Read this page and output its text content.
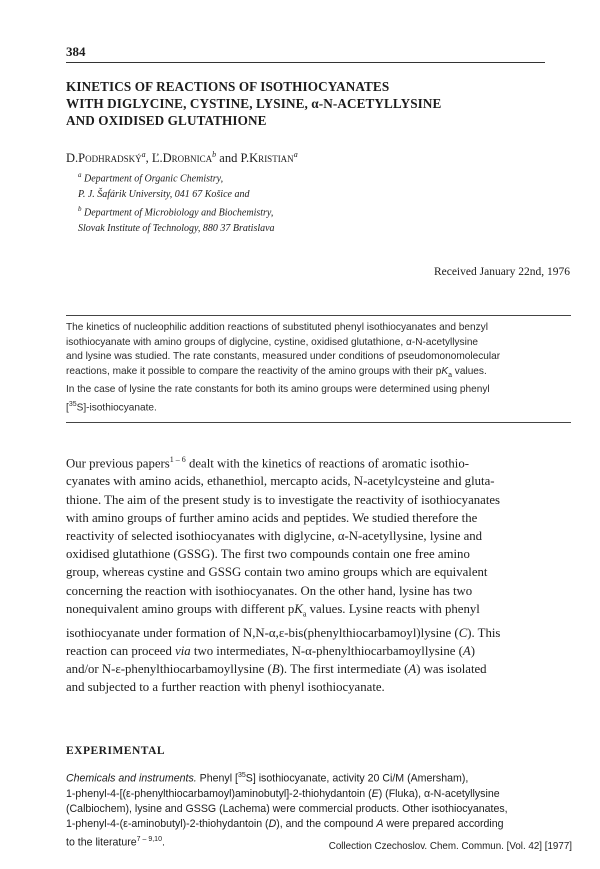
384
KINETICS OF REACTIONS OF ISOTHIOCYANATES
WITH DIGLYCINE, CYSTINE, LYSINE, α-N-ACETYLLYSINE
AND OXIDISED GLUTATHIONE
D.Podhradský$^a$, Ľ.Drobnica$^b$ and P.Kristian$^a$
$^a$ Department of Organic Chemistry,
P. J. Šafárik University, 041 67 Košice and
$^b$ Department of Microbiology and Biochemistry,
Slovak Institute of Technology, 880 37 Bratislava
Received January 22nd, 1976
The kinetics of nucleophilic addition reactions of substituted phenyl isothiocyanates and benzyl
isothiocyanate with amino groups of diglycine, cystine, oxidised glutathione, α-N-acetyllysine
and lysine was studied. The rate constants, measured under conditions of pseudomonomolecular
reactions, make it possible to compare the reactivity of the amino groups with their $pK_a$ values.
In the case of lysine the rate constants for both its amino groups were determined using phenyl
[$^{35}$S]-isothiocyanate.
Our previous papers$^{1 - 6}$ dealt with the kinetics of reactions of aromatic isothio-
cyanates with amino acids, ethanethiol, mercapto acids, N-acetylcysteine and gluta-
thione. The aim of the present study is to investigate the reactivity of isothiocyanates
with amino groups of further amino acids and peptides. We studied therefore the
reactivity of selected isothiocyanates with diglycine, α-N-acetyllysine, lysine and
oxidised glutathione (GSSG). The first two compounds contain one free amino
group, whereas cystine and GSSG contain two amino groups which are equivalent
concerning the reaction with isothiocyanates. On the other hand, lysine has two
nonequivalent amino groups with different $pK_a$ values. Lysine reacts with phenyl
isothiocyanate under formation of N,N-α,ε-bis(phenylthiocarbamoyl)lysine (C). This
reaction can proceed via two intermediates, N-α-phenylthiocarbamoyllysine (A)
and/or N-ε-phenylthiocarbamoyllysine (B). The first intermediate (A) was isolated
and subjected to a further reaction with phenyl isothiocyanate.
EXPERIMENTAL
Chemicals and instruments. Phenyl [$^{35}$S] isothiocyanate, activity 20 Ci/M (Amersham),
1-phenyl-4-[(ε-phenylthiocarbamoyl)aminobutyl]-2-thiohydantoin (E) (Fluka), α-N-acetyllysine
(Calbiochem), lysine and GSSG (Lachema) were commercial products. Other isothiocyanates,
1-phenyl-4-(ε-aminobutyl)-2-thiohydantoin (D), and the compound A were prepared according
to the literature$^{7 - 9,10}$.	Collection Czechoslov. Chem. Commun. [Vol. 42] [1977]
